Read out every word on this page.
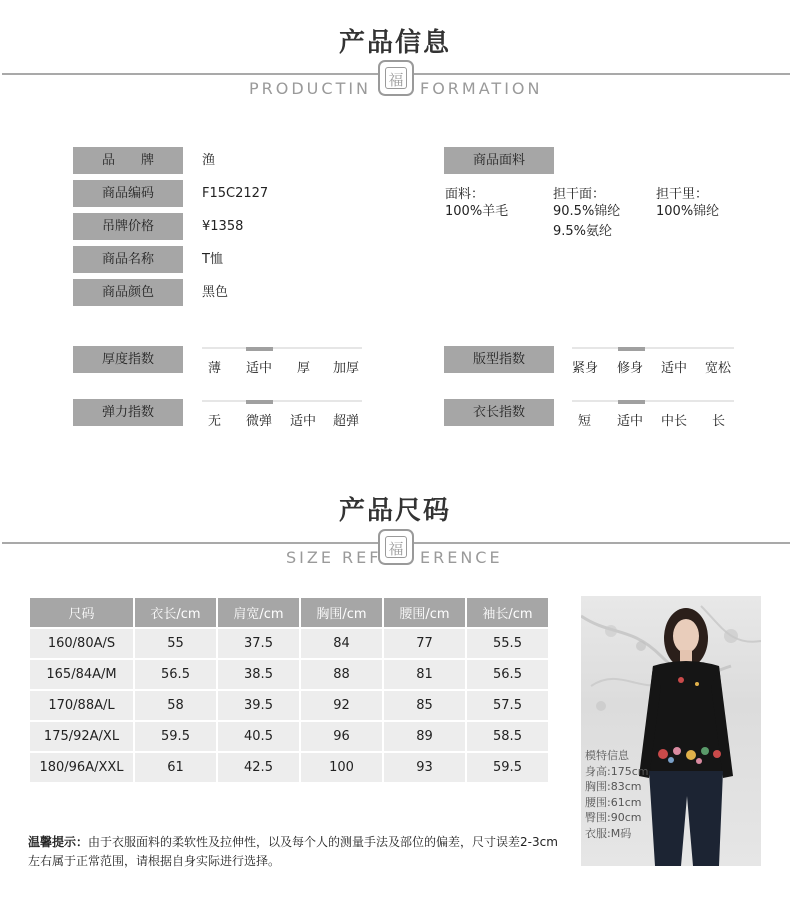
产品信息
福
PRODUCTIN	FORMATION
品　　牌	渔
商品编码	F15C2127
吊牌价格	¥1358
商品名称	T恤
商品颜色	黑色
商品面料
面料：
100%羊毛
担干面：
90.5%锦纶
9.5%氨纶
担干里：
100%锦纶
厚度指数
薄 适中 厚 加厚
弹力指数
无 微弹 适中 超弹
版型指数
紧身 修身 适中 宽松
衣长指数
短 适中 中长 长
产品尺码
福
SIZE REF ERENCE
尺码	衣长/cm	肩宽/cm	胸围/cm	腰围/cm	袖长/cm
160/80A/S	55	37.5	84	77	55.5
165/84A/M	56.5	38.5	88	81	56.5
170/88A/L	58	39.5	92	85	57.5
175/92A/XL	59.5	40.5	96	89	58.5
180/96A/XXL	61	42.5	100	93	59.5
模特信息
身高:175cm
胸围:83cm
腰围:61cm
臀围:90cm
衣服:M码
温馨提示：由于衣服面料的柔软性及拉伸性，以及每个人的测量手法及部位的偏差，尺寸误差2-3cm左右属于正常范围，请根据自身实际进行选择。
